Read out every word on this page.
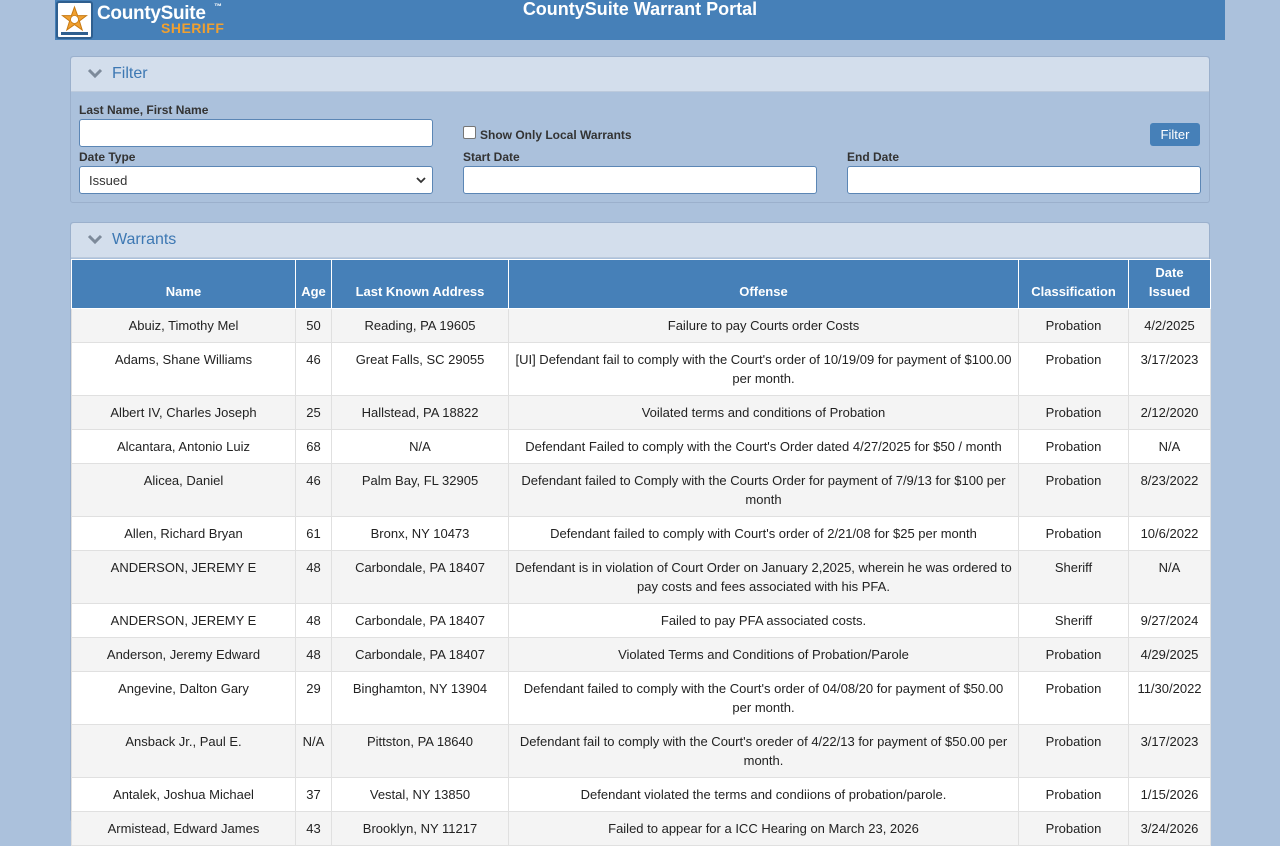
CountySuite ™
SHERIFF
CountySuite Warrant Portal
Filter
Last Name, First Name
Show Only Local Warrants	Filter
Date Type
Issued
Start Date	End Date
Warrants
Name	Age	Last Known Address	Offense	Classification	Date Issued
Abuiz, Timothy Mel	50	Reading, PA 19605	Failure to pay Courts order Costs	Probation	4/2/2025
Adams, Shane Williams	46	Great Falls, SC 29055	[UI] Defendant fail to comply with the Court's order of 10/19/09 for payment of $100.00 per month.	Probation	3/17/2023
Albert IV, Charles Joseph	25	Hallstead, PA 18822	Voilated terms and conditions of Probation	Probation	2/12/2020
Alcantara, Antonio Luiz	68	N/A	Defendant Failed to comply with the Court's Order dated 4/27/2025 for $50 / month	Probation	N/A
Alicea, Daniel	46	Palm Bay, FL 32905	Defendant failed to Comply with the Courts Order for payment of 7/9/13 for $100 per month	Probation	8/23/2022
Allen, Richard Bryan	61	Bronx, NY 10473	Defendant failed to comply with Court's order of 2/21/08 for $25 per month	Probation	10/6/2022
ANDERSON, JEREMY E	48	Carbondale, PA 18407	Defendant is in violation of Court Order on January 2,2025, wherein he was ordered to pay costs and fees associated with his PFA.	Sheriff	N/A
ANDERSON, JEREMY E	48	Carbondale, PA 18407	Failed to pay PFA associated costs.	Sheriff	9/27/2024
Anderson, Jeremy Edward	48	Carbondale, PA 18407	Violated Terms and Conditions of Probation/Parole	Probation	4/29/2025
Angevine, Dalton Gary	29	Binghamton, NY 13904	Defendant failed to comply with the Court's order of 04/08/20 for payment of $50.00 per month.	Probation	11/30/2022
Ansback Jr., Paul E.	N/A	Pittston, PA 18640	Defendant fail to comply with the Court's oreder of 4/22/13 for payment of $50.00 per month.	Probation	3/17/2023
Antalek, Joshua Michael	37	Vestal, NY 13850	Defendant violated the terms and condiions of probation/parole.	Probation	1/15/2026
Armistead, Edward James	43	Brooklyn, NY 11217	Failed to appear for a ICC Hearing on March 23, 2026	Probation	3/24/2026
